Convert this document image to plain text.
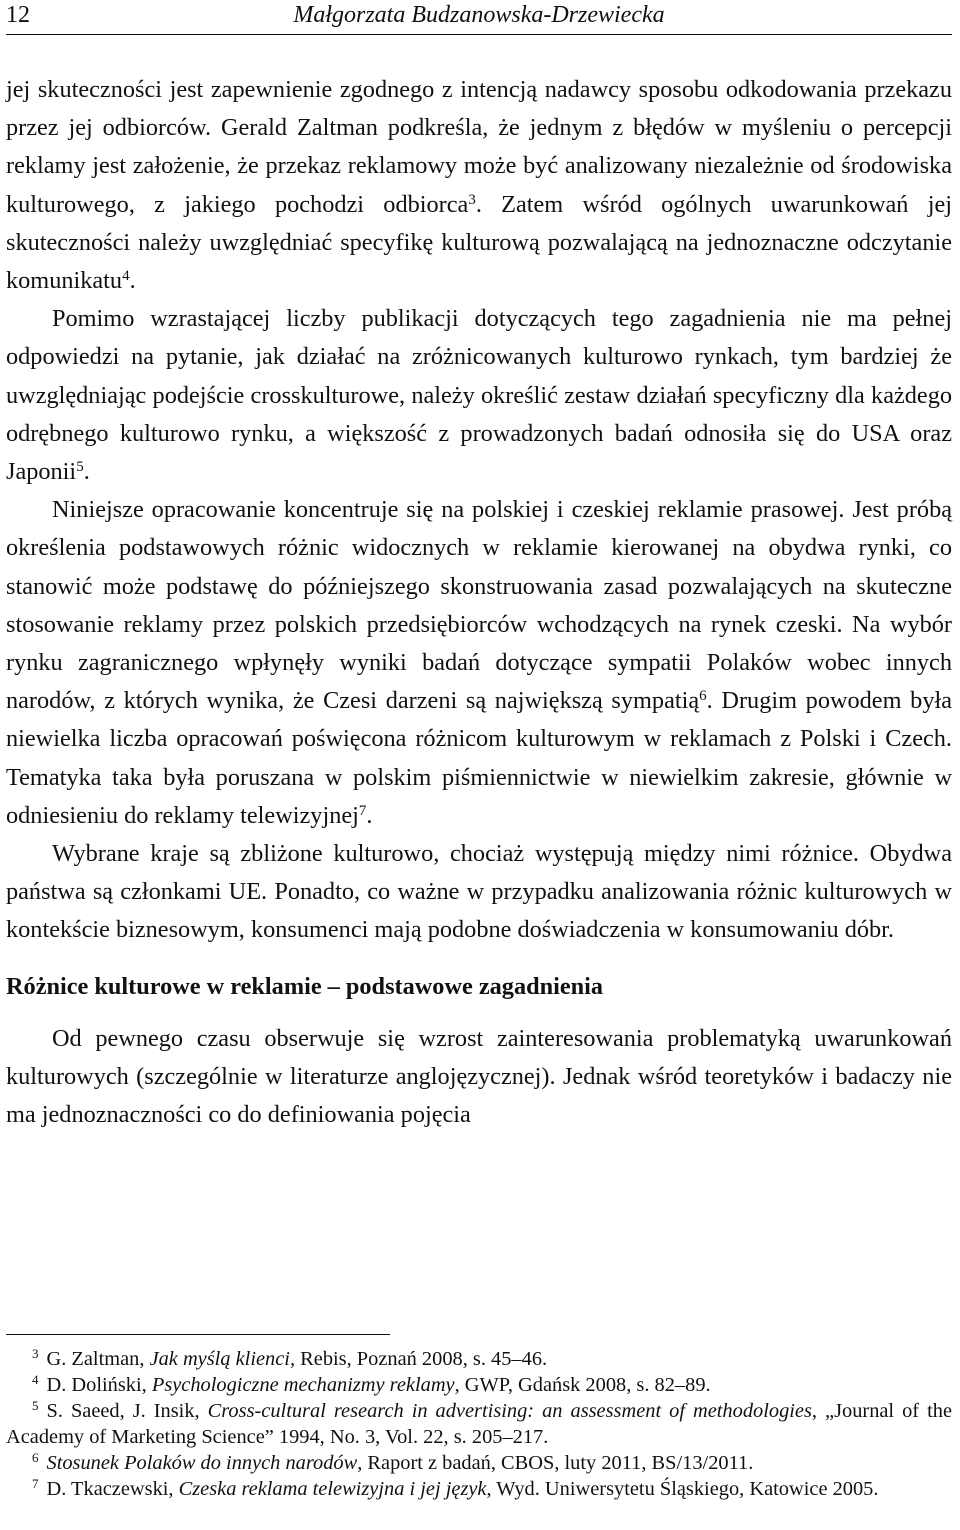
12	Małgorzata Budzanowska-Drzewiecka

jej skuteczności jest zapewnienie zgodnego z intencją nadawcy sposobu odkodowania przekazu przez jej odbiorców. Gerald Zaltman podkreśla, że jednym z błędów w myśleniu o percepcji reklamy jest założenie, że przekaz reklamowy może być analizowany niezależnie od środowiska kulturowego, z jakiego pochodzi odbiorca$^3$. Zatem wśród ogólnych uwarunkowań jej skuteczności należy uwzględniać specyfikę kulturową pozwalającą na jednoznaczne odczytanie komunikatu$^4$.

Pomimo wzrastającej liczby publikacji dotyczących tego zagadnienia nie ma pełnej odpowiedzi na pytanie, jak działać na zróżnicowanych kulturowo rynkach, tym bardziej że uwzględniając podejście crosskulturowe, należy określić zestaw działań specyficzny dla każdego odrębnego kulturowo rynku, a większość z prowadzonych badań odnosiła się do USA oraz Japonii$^5$.

Niniejsze opracowanie koncentruje się na polskiej i czeskiej reklamie prasowej. Jest próbą określenia podstawowych różnic widocznych w reklamie kierowanej na obydwa rynki, co stanowić może podstawę do późniejszego skonstruowania zasad pozwalających na skuteczne stosowanie reklamy przez polskich przedsiębiorców wchodzących na rynek czeski. Na wybór rynku zagranicznego wpłynęły wyniki badań dotyczące sympatii Polaków wobec innych narodów, z których wynika, że Czesi darzeni są największą sympatią$^6$. Drugim powodem była niewielka liczba opracowań poświęcona różnicom kulturowym w reklamach z Polski i Czech. Tematyka taka była poruszana w polskim piśmiennictwie w niewielkim zakresie, głównie w odniesieniu do reklamy telewizyjnej$^7$.

Wybrane kraje są zbliżone kulturowo, chociaż występują między nimi różnice. Obydwa państwa są członkami UE. Ponadto, co ważne w przypadku analizowania różnic kulturowych w kontekście biznesowym, konsumenci mają podobne doświadczenia w konsumowaniu dóbr.

Różnice kulturowe w reklamie – podstawowe zagadnienia

Od pewnego czasu obserwuje się wzrost zainteresowania problematyką uwarunkowań kulturowych (szczególnie w literaturze anglojęzycznej). Jednak wśród teoretyków i badaczy nie ma jednoznaczności co do definiowania pojęcia

$^3$ G. Zaltman, Jak myślą klienci, Rebis, Poznań 2008, s. 45–46.

$^4$ D. Doliński, Psychologiczne mechanizmy reklamy, GWP, Gdańsk 2008, s. 82–89.

$^5$ S. Saeed, J. Insik, Cross-cultural research in advertising: an assessment of methodologies, „Journal of the Academy of Marketing Science” 1994, No. 3, Vol. 22, s. 205–217.

$^6$ Stosunek Polaków do innych narodów, Raport z badań, CBOS, luty 2011, BS/13/2011.

$^7$ D. Tkaczewski, Czeska reklama telewizyjna i jej język, Wyd. Uniwersytetu Śląskiego, Katowice 2005.
